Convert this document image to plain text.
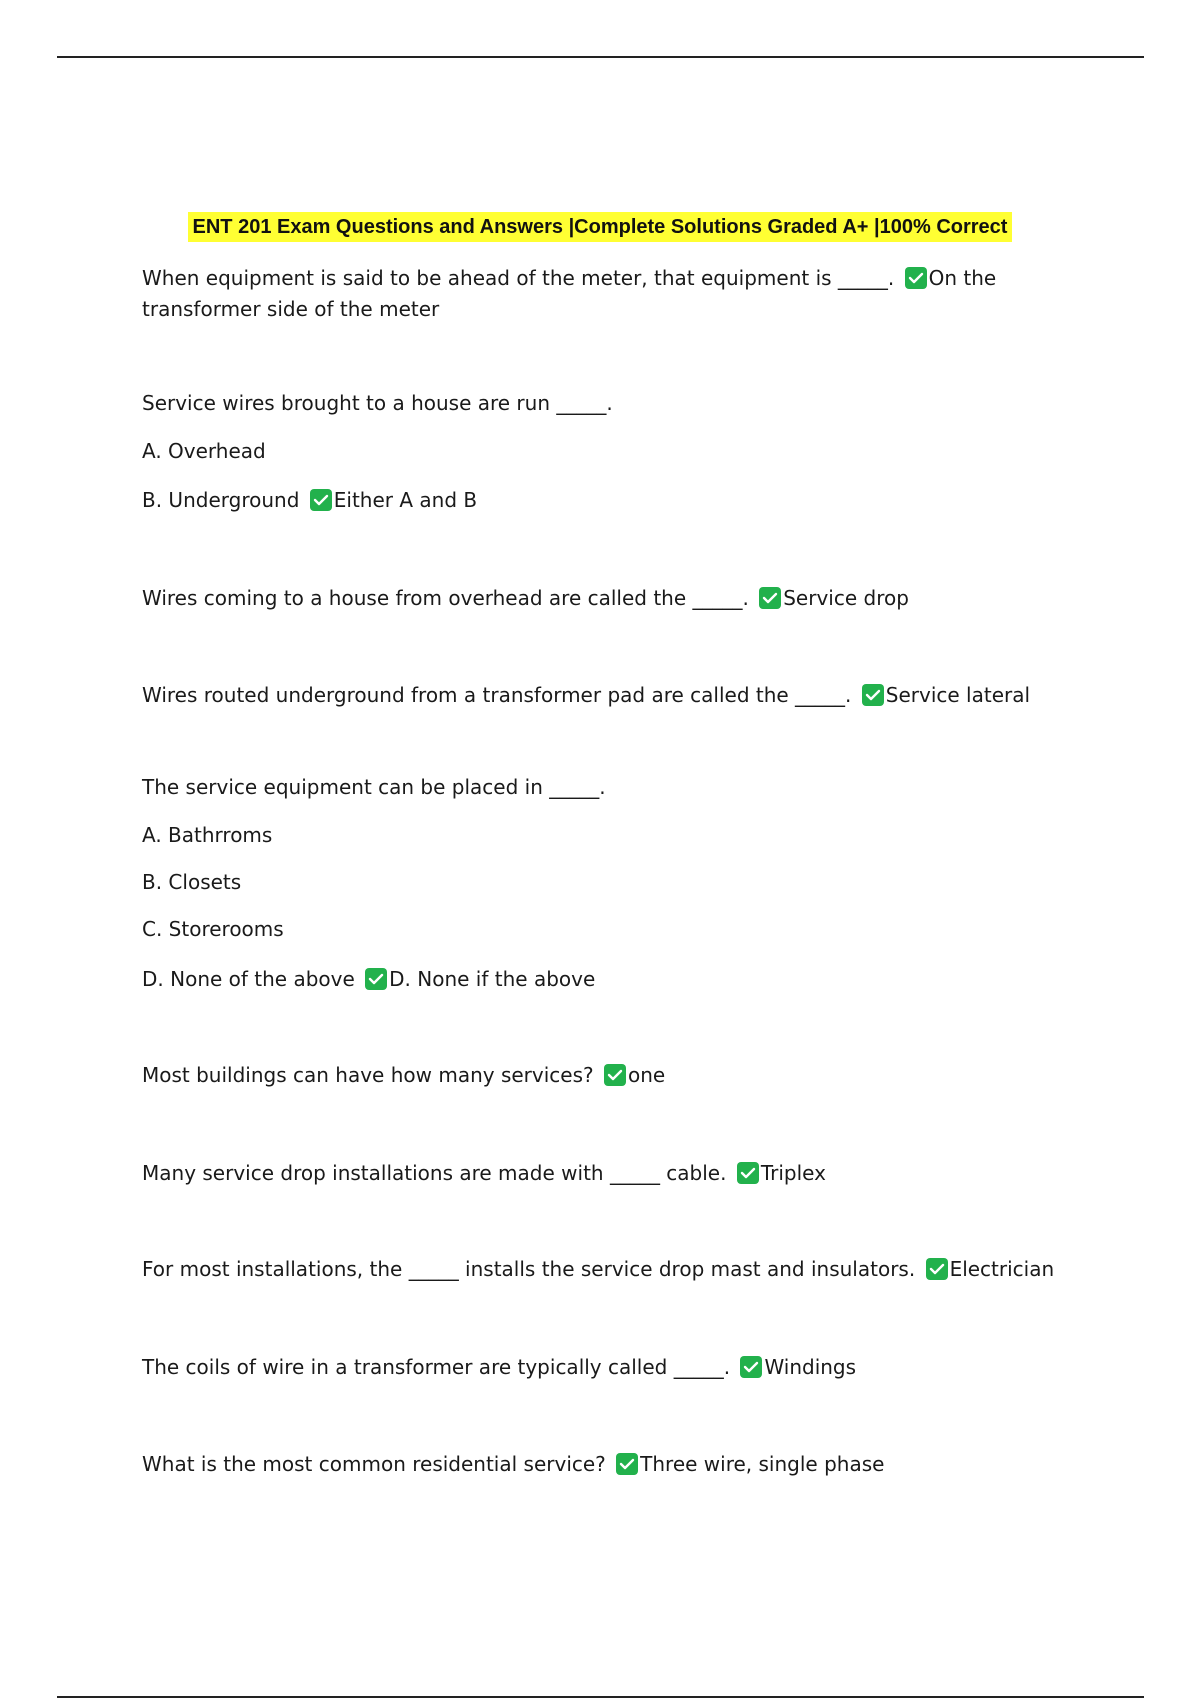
ENT 201 Exam Questions and Answers |Complete Solutions Graded A+ |100% Correct
When equipment is said to be ahead of the meter, that equipment is _____. On the
transformer side of the meter
Service wires brought to a house are run _____.
A. Overhead
B. Underground Either A and B
Wires coming to a house from overhead are called the _____. Service drop
Wires routed underground from a transformer pad are called the _____. Service lateral
The service equipment can be placed in _____.
A. Bathrroms
B. Closets
C. Storerooms
D. None of the above D. None if the above
Most buildings can have how many services? one
Many service drop installations are made with _____ cable. Triplex
For most installations, the _____ installs the service drop mast and insulators. Electrician
The coils of wire in a transformer are typically called _____. Windings
What is the most common residential service? Three wire, single phase
